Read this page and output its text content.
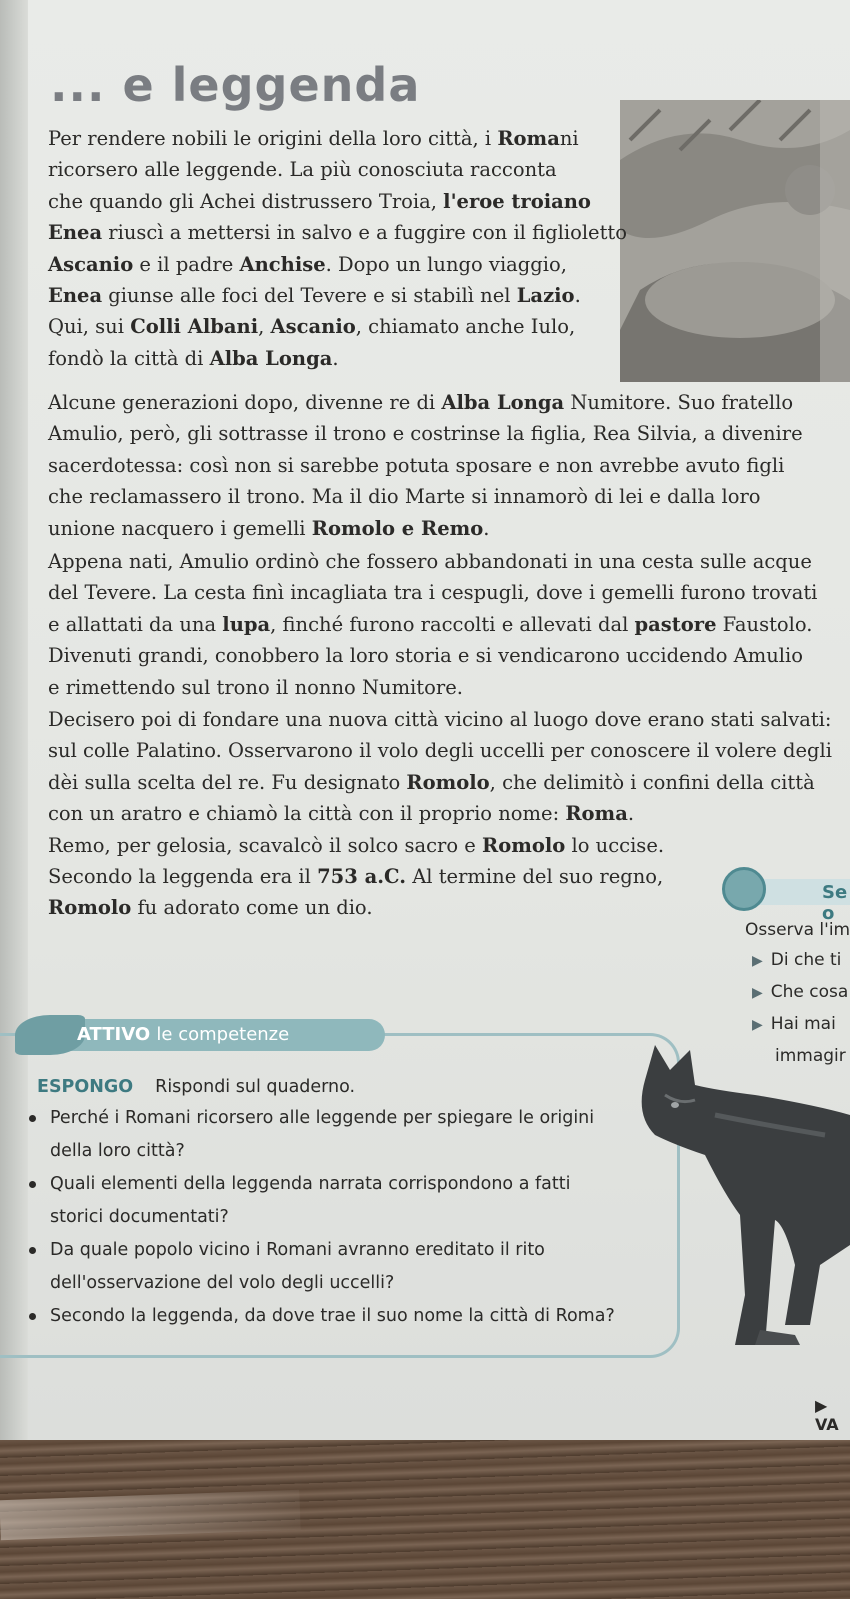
... e leggenda

Per rendere nobili le origini della loro città, i Romani
ricorsero alle leggende. La più conosciuta racconta
che quando gli Achei distrussero Troia, l'eroe troiano
Enea riuscì a mettersi in salvo e a fuggire con il figlioletto
Ascanio e il padre Anchise. Dopo un lungo viaggio,
Enea giunse alle foci del Tevere e si stabilì nel Lazio.
Qui, sui Colli Albani, Ascanio, chiamato anche Iulo,
fondò la città di Alba Longa.

Alcune generazioni dopo, divenne re di Alba Longa Numitore. Suo fratello
Amulio, però, gli sottrasse il trono e costrinse la figlia, Rea Silvia, a divenire
sacerdotessa: così non si sarebbe potuta sposare e non avrebbe avuto figli
che reclamassero il trono. Ma il dio Marte si innamorò di lei e dalla loro
unione nacquero i gemelli Romolo e Remo.

Appena nati, Amulio ordinò che fossero abbandonati in una cesta sulle acque
del Tevere. La cesta finì incagliata tra i cespugli, dove i gemelli furono trovati
e allattati da una lupa, finché furono raccolti e allevati dal pastore Faustolo.
Divenuti grandi, conobbero la loro storia e si vendicarono uccidendo Amulio
e rimettendo sul trono il nonno Numitore.

Decisero poi di fondare una nuova città vicino al luogo dove erano stati salvati:
sul colle Palatino. Osservarono il volo degli uccelli per conoscere il volere degli
dèi sulla scelta del re. Fu designato Romolo, che delimitò i confini della città
con un aratro e chiamò la città con il proprio nome: Roma.
Remo, per gelosia, scavalcò il solco sacro e Romolo lo uccise.
Secondo la leggenda era il 753 a.C. Al termine del suo regno,
Romolo fu adorato come un dio.

Se o
Osserva l'im
▶ Di che ti
▶ Che cosa
▶ Hai mai
immagir
ATTIVO le competenze
ESPONGO Rispondi sul quaderno.
Perché i Romani ricorsero alle leggende per spiegare le origini
della loro città?
Quali elementi della leggenda narrata corrispondono a fatti
storici documentati?
Da quale popolo vicino i Romani avranno ereditato il rito
dell'osservazione del volo degli uccelli?
Secondo la leggenda, da dove trae il suo nome la città di Roma?
▶ VA
